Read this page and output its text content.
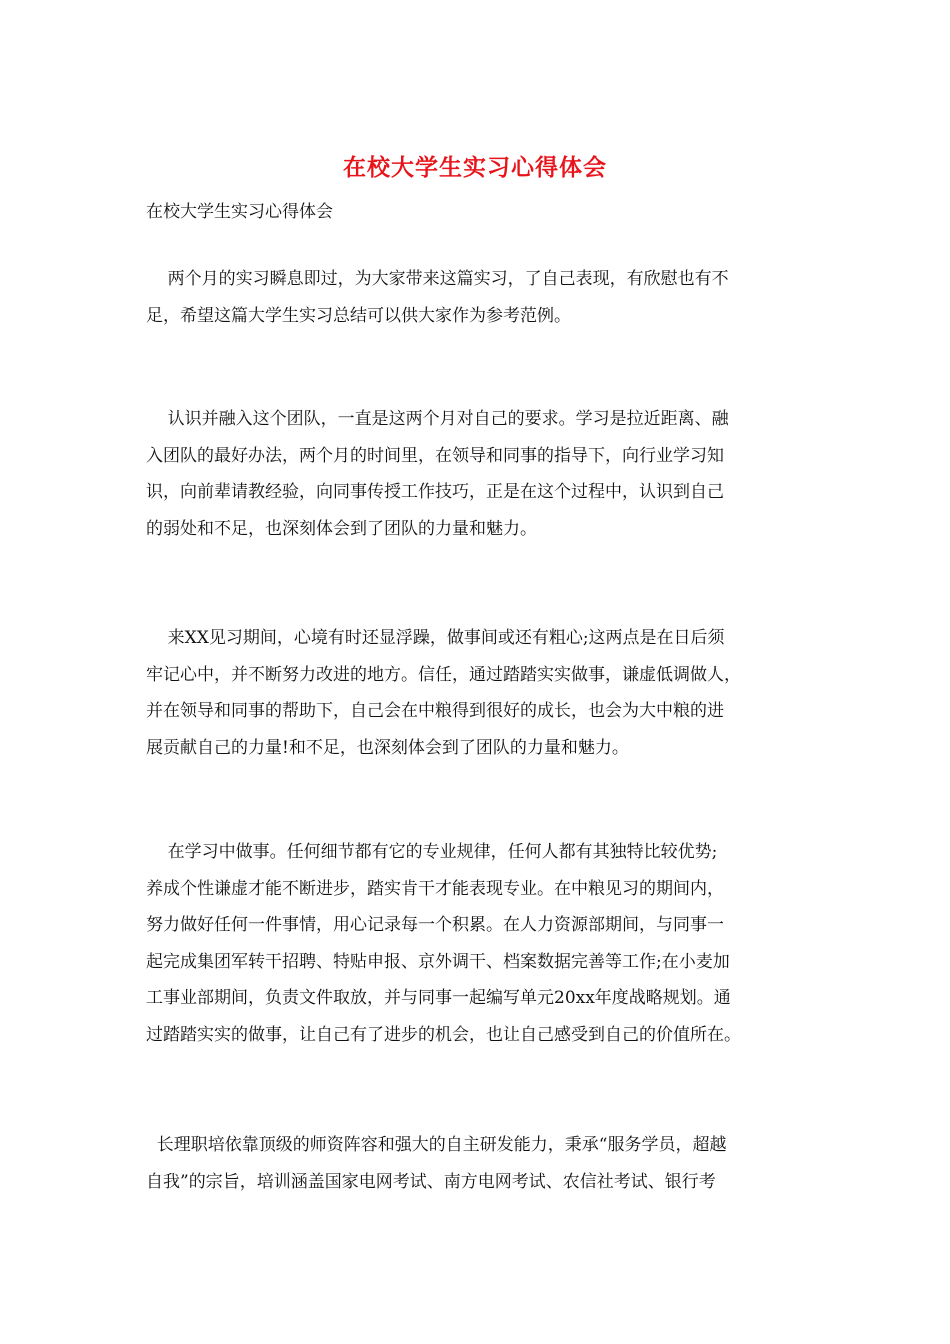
在校大学生实习心得体会
在校大学生实习心得体会
两个月的实习瞬息即过，为大家带来这篇实习，了自己表现，有欣慰也有不
足，希望这篇大学生实习总结可以供大家作为参考范例。
认识并融入这个团队，一直是这两个月对自己的要求。学习是拉近距离、融
入团队的最好办法，两个月的时间里，在领导和同事的指导下，向行业学习知
识，向前辈请教经验，向同事传授工作技巧，正是在这个过程中，认识到自己
的弱处和不足，也深刻体会到了团队的力量和魅力。
来XX见习期间，心境有时还显浮躁，做事间或还有粗心;这两点是在日后须
牢记心中，并不断努力改进的地方。信任，通过踏踏实实做事，谦虚低调做人，
并在领导和同事的帮助下，自己会在中粮得到很好的成长，也会为大中粮的进
展贡献自己的力量!和不足，也深刻体会到了团队的力量和魅力。
在学习中做事。任何细节都有它的专业规律，任何人都有其独特比较优势;
养成个性谦虚才能不断进步，踏实肯干才能表现专业。在中粮见习的期间内，
努力做好任何一件事情，用心记录每一个积累。在人力资源部期间，与同事一
起完成集团军转干招聘、特贴申报、京外调干、档案数据完善等工作;在小麦加
工事业部期间，负责文件取放，并与同事一起编写单元20xx年度战略规划。通
过踏踏实实的做事，让自己有了进步的机会，也让自己感受到自己的价值所在。
长理职培依靠顶级的师资阵容和强大的自主研发能力，秉承“服务学员，超越
自我”的宗旨，培训涵盖国家电网考试、南方电网考试、农信社考试、银行考
